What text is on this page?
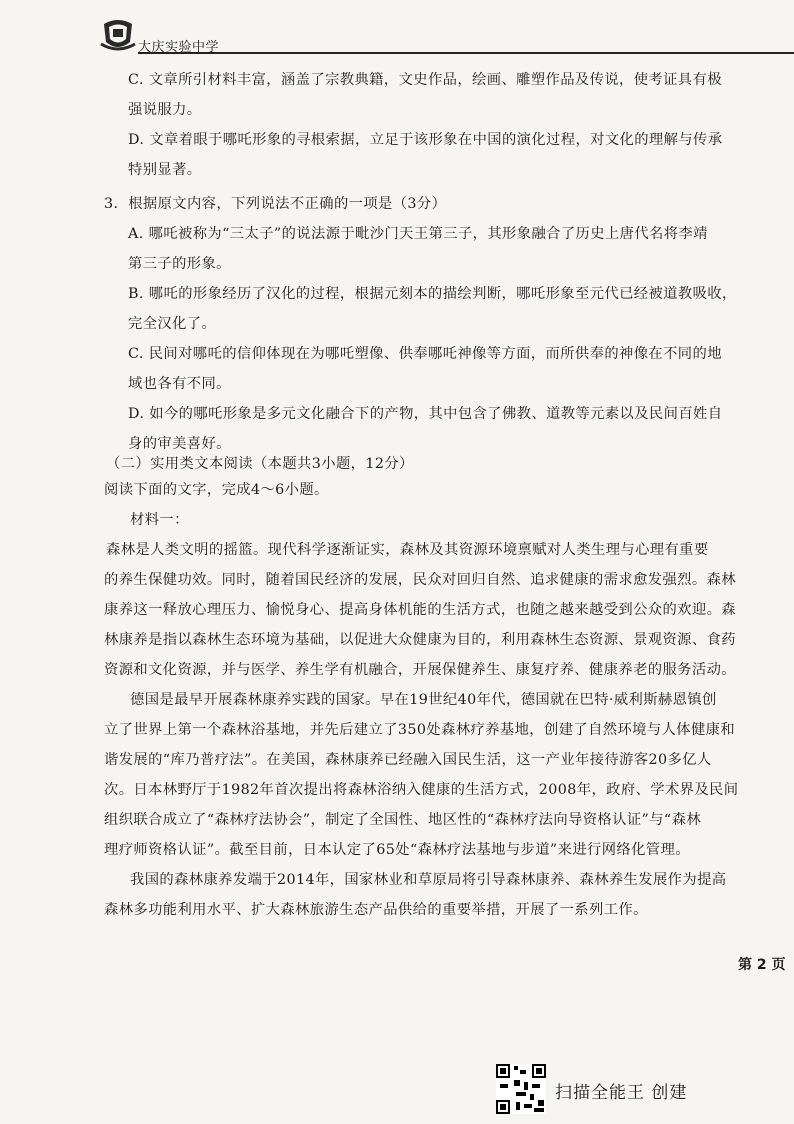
大庆实验中学
C. 文章所引材料丰富，涵盖了宗教典籍，文史作品，绘画、雕塑作品及传说，使考证具有极
强说服力。
D. 文章着眼于哪吒形象的寻根索据，立足于该形象在中国的演化过程，对文化的理解与传承
特别显著。
3．根据原文内容，下列说法不正确的一项是（3分）
A. 哪吒被称为“三太子”的说法源于毗沙门天王第三子，其形象融合了历史上唐代名将李靖
第三子的形象。
B. 哪吒的形象经历了汉化的过程，根据元刻本的描绘判断，哪吒形象至元代已经被道教吸收，
完全汉化了。
C. 民间对哪吒的信仰体现在为哪吒塑像、供奉哪吒神像等方面，而所供奉的神像在不同的地
域也各有不同。
D. 如今的哪吒形象是多元文化融合下的产物，其中包含了佛教、道教等元素以及民间百姓自
身的审美喜好。
（二）实用类文本阅读（本题共3小题，12分）
阅读下面的文字，完成4～6小题。
材料一：
森林是人类文明的摇篮。现代科学逐渐证实，森林及其资源环境禀赋对人类生理与心理有重要
的养生保健功效。同时，随着国民经济的发展，民众对回归自然、追求健康的需求愈发强烈。森林
康养这一释放心理压力、愉悦身心、提高身体机能的生活方式，也随之越来越受到公众的欢迎。森
林康养是指以森林生态环境为基础，以促进大众健康为目的，利用森林生态资源、景观资源、食药
资源和文化资源，并与医学、养生学有机融合，开展保健养生、康复疗养、健康养老的服务活动。
德国是最早开展森林康养实践的国家。早在19世纪40年代，德国就在巴特·威利斯赫恩镇创
立了世界上第一个森林浴基地，并先后建立了350处森林疗养基地，创建了自然环境与人体健康和
谐发展的“库乃普疗法”。在美国，森林康养已经融入国民生活，这一产业年接待游客20多亿人
次。日本林野厅于1982年首次提出将森林浴纳入健康的生活方式，2008年，政府、学术界及民间
组织联合成立了“森林疗法协会”，制定了全国性、地区性的“森林疗法向导资格认证”与“森林
理疗师资格认证”。截至目前，日本认定了65处“森林疗法基地与步道”来进行网络化管理。
我国的森林康养发端于2014年，国家林业和草原局将引导森林康养、森林养生发展作为提高
森林多功能利用水平、扩大森林旅游生态产品供给的重要举措，开展了一系列工作。
第 2 页
扫描全能王 创建
